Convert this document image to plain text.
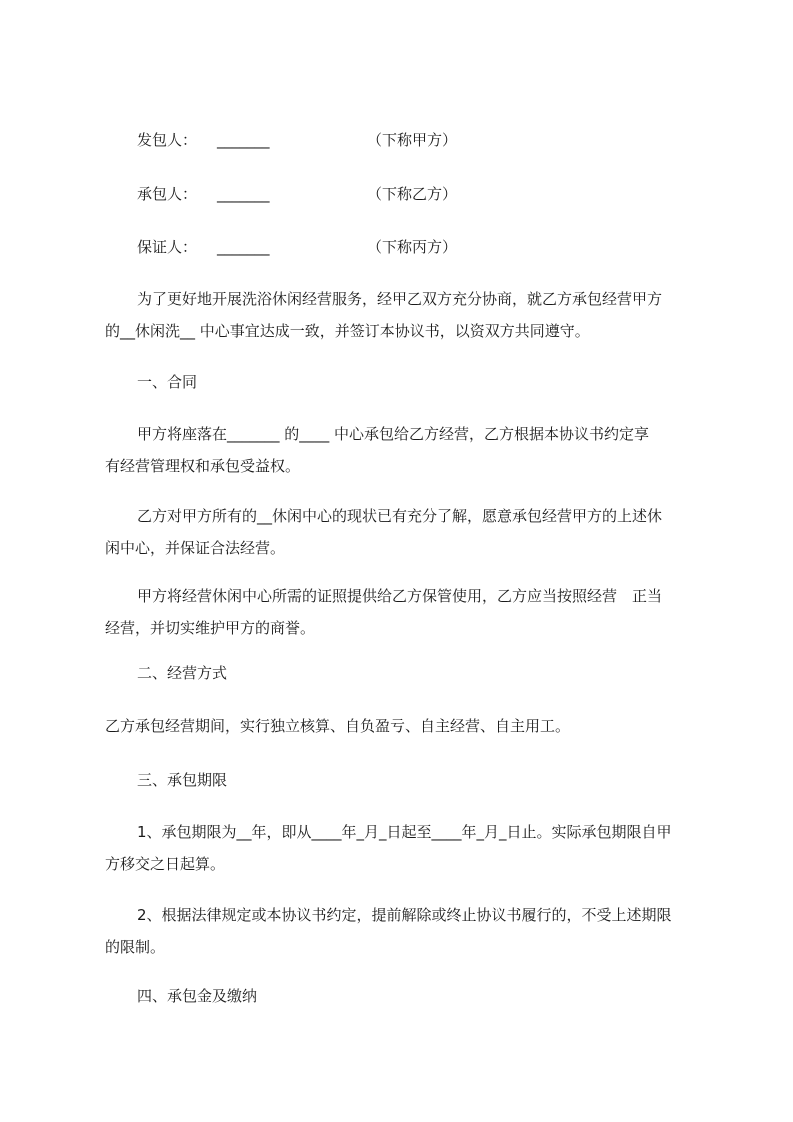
发包人： _______	（下称甲方）
承包人： _______	（下称乙方）
保证人： _______	（下称丙方）
为了更好地开展洗浴休闲经营服务，经甲乙双方充分协商，就乙方承包经营甲方
的__休闲洗__ 中心事宜达成一致，并签订本协议书，以资双方共同遵守。
一、合同
甲方将座落在_______ 的____ 中心承包给乙方经营，乙方根据本协议书约定享
有经营管理权和承包受益权。
乙方对甲方所有的__休闲中心的现状已有充分了解，愿意承包经营甲方的上述休
闲中心，并保证合法经营。
甲方将经营休闲中心所需的证照提供给乙方保管使用，乙方应当按照经营　正当
经营，并切实维护甲方的商誉。
二、经营方式
乙方承包经营期间，实行独立核算、自负盈亏、自主经营、自主用工。
三、承包期限
1、承包期限为__年，即从____年_月_日起至____年_月_日止。实际承包期限自甲
方移交之日起算。
2、根据法律规定或本协议书约定，提前解除或终止协议书履行的，不受上述期限
的限制。
四、承包金及缴纳
